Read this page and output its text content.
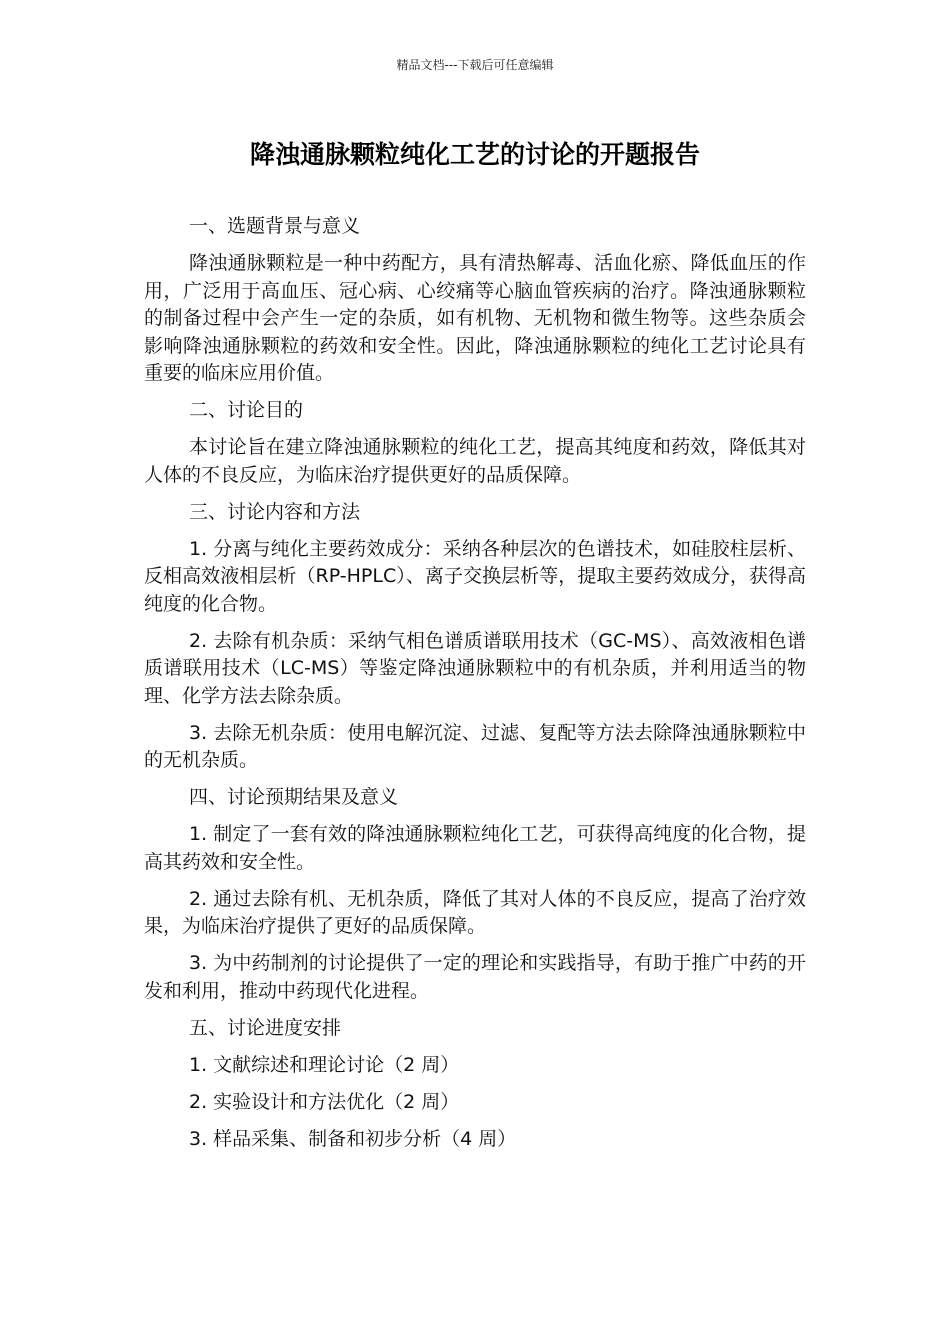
精品文档---下载后可任意编辑
降浊通脉颗粒纯化工艺的讨论的开题报告

一、选题背景与意义

降浊通脉颗粒是一种中药配方，具有清热解毒、活血化瘀、降低血压的作用，广泛用于高血压、冠心病、心绞痛等心脑血管疾病的治疗。降浊通脉颗粒的制备过程中会产生一定的杂质，如有机物、无机物和微生物等。这些杂质会影响降浊通脉颗粒的药效和安全性。因此，降浊通脉颗粒的纯化工艺讨论具有重要的临床应用价值。

二、讨论目的

本讨论旨在建立降浊通脉颗粒的纯化工艺，提高其纯度和药效，降低其对人体的不良反应，为临床治疗提供更好的品质保障。

三、讨论内容和方法

1. 分离与纯化主要药效成分：采纳各种层次的色谱技术，如硅胶柱层析、反相高效液相层析（RP-HPLC）、离子交换层析等，提取主要药效成分，获得高纯度的化合物。

2. 去除有机杂质：采纳气相色谱质谱联用技术（GC-MS）、高效液相色谱质谱联用技术（LC-MS）等鉴定降浊通脉颗粒中的有机杂质，并利用适当的物理、化学方法去除杂质。

3. 去除无机杂质：使用电解沉淀、过滤、复配等方法去除降浊通脉颗粒中的无机杂质。

四、讨论预期结果及意义

1. 制定了一套有效的降浊通脉颗粒纯化工艺，可获得高纯度的化合物，提高其药效和安全性。

2. 通过去除有机、无机杂质，降低了其对人体的不良反应，提高了治疗效果，为临床治疗提供了更好的品质保障。

3. 为中药制剂的讨论提供了一定的理论和实践指导，有助于推广中药的开发和利用，推动中药现代化进程。

五、讨论进度安排

1. 文献综述和理论讨论（2 周）

2. 实验设计和方法优化（2 周）

3. 样品采集、制备和初步分析（4 周）
